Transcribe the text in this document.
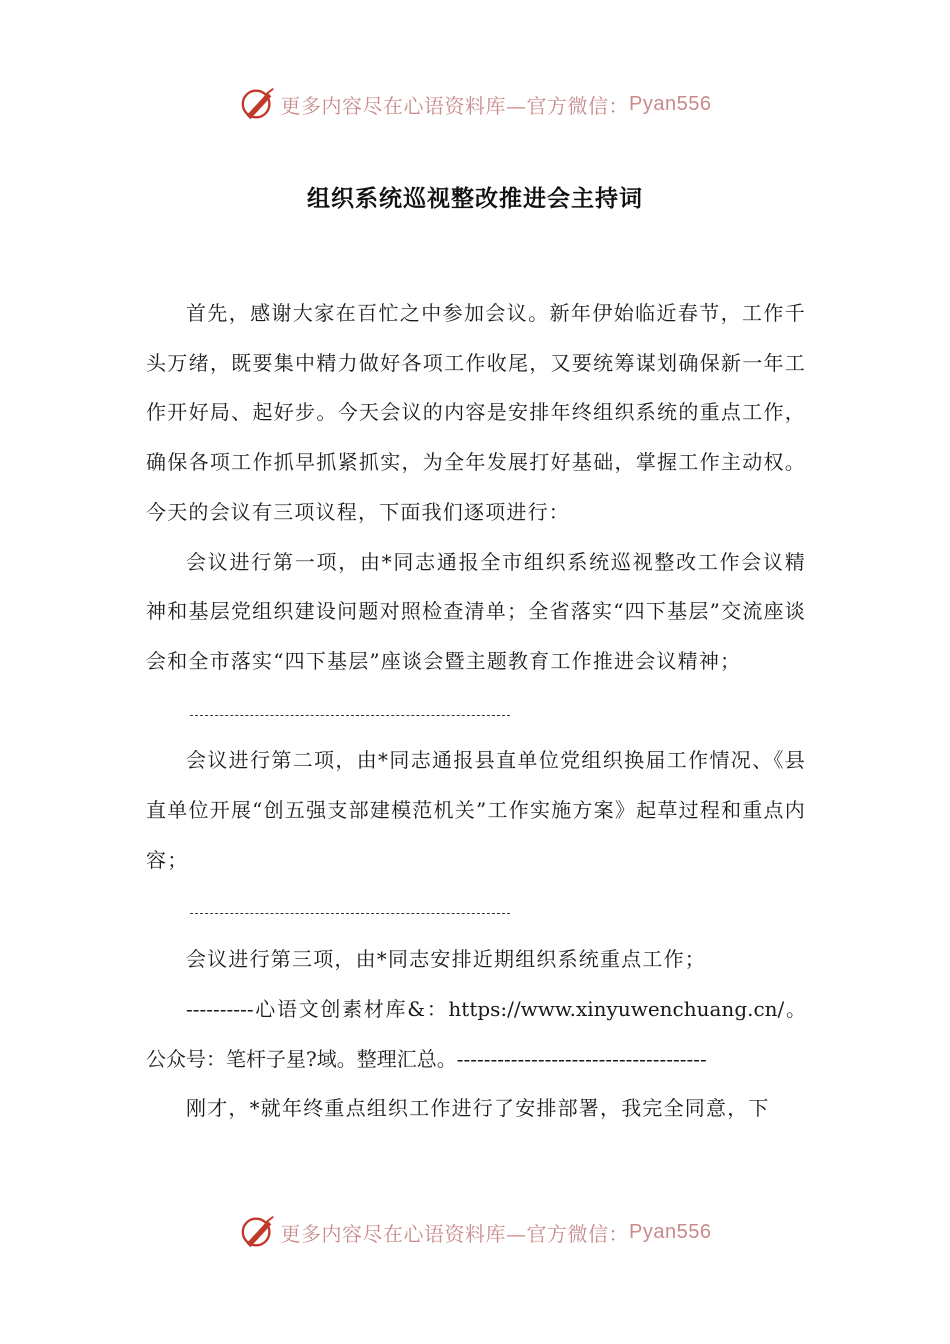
更多内容尽在心语资料库—官方微信： Pyan556
组织系统巡视整改推进会主持词

首先，感谢大家在百忙之中参加会议。新年伊始临近春节，工作千头万绪，既要集中精力做好各项工作收尾，又要统筹谋划确保新一年工作开好局、起好步。今天会议的内容是安排年终组织系统的重点工作，确保各项工作抓早抓紧抓实，为全年发展打好基础，掌握工作主动权。今天的会议有三项议程，下面我们逐项进行：

会议进行第一项，由*同志通报全市组织系统巡视整改工作会议精神和基层党组织建设问题对照检查清单；全省落实“四下基层”交流座谈会和全市落实“四下基层”座谈会暨主题教育工作推进会议精神；

会议进行第二项，由*同志通报县直单位党组织换届工作情况、《县直单位开展“创五强支部建模范机关”工作实施方案》起草过程和重点内容；

会议进行第三项，由*同志安排近期组织系统重点工作；

----------心语文创素材库&：https://www.xinyuwenchuang.cn/。公众号：笔杆子星?域。整理汇总。-------------------------------------

刚才，*就年终重点组织工作进行了安排部署，我完全同意，下

更多内容尽在心语资料库—官方微信： Pyan556
